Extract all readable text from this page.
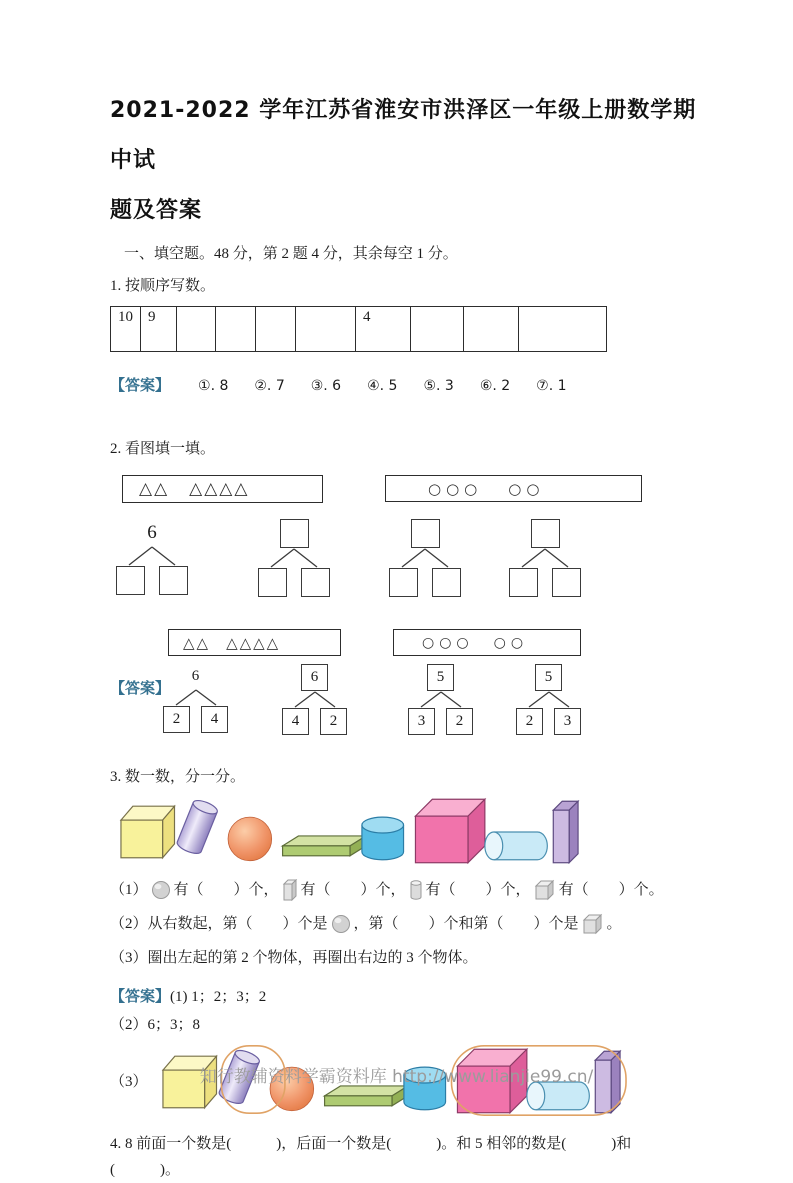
2021-2022 学年江苏省淮安市洪泽区一年级上册数学期中试
题及答案
一、填空题。48 分，第 2 题 4 分，其余每空 1 分。
1. 按顺序写数。
10	9					4			
【答案】 ①. 8 ②. 7 ③. 6 ④. 5 ⑤. 3 ⑥. 2 ⑦. 1
2. 看图填一填。
△△ △△△△	○○○ ○○
6
△△ △△△△	○○○ ○○
【答案】
6
2	4
6
4	2
5
3	2
5
2	3
3. 数一数，分一分。
（1） 有（　　）个， 有（　　）个， 有（　　）个， 有（　　）个。
（2） 从右数起，第（　　）个是 ，第（　　）个和第（　　）个是 。
（3）圈出左起的第 2 个物体，再圈出右边的 3 个物体。
【答案】(1) 1；2；3；2
（2）6；3；8
（3）
4. 8 前面一个数是(　　　)，后面一个数是(　　　)。和 5 相邻的数是(　　　)和(　　　)。
知行教辅资料学霸资料库 http://www.lianjie99.cn/
